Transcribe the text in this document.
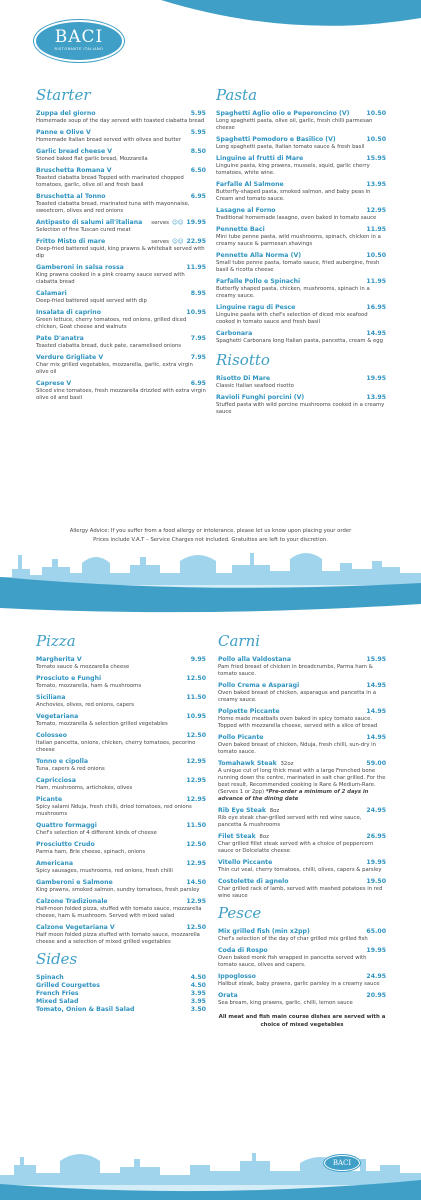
BACI
RISTORANTE ITALIANO
Starter
Zuppa del giorno	5.95
Homemade soup of the day served with toasted ciabatta bread
Panne e Olive V	5.95
Homemade Italian bread served with olives and butter
Garlic bread cheese V	8.50
Stoned baked flat garlic bread, Mozzarella
Bruschetta Romana V	6.50
Toasted ciabatta bread Topped with marinated chopped tomatoes, garlic, olive oil and fresh basil
Bruschetta al Tonno	6.95
Toasted ciabatta bread, marinated tuna with mayonnaise, sweetcorn, olives and red onions
Antipasto di salumi all'italiana serves ☺☺ 19.95
Selection of fine Tuscan cured meat
Fritto Misto di mare	serves ☺☺ 22.95
Deep-fried battered squid, king prawns & whitebait served with dip
Gamberoni in salsa rossa	11.95
King prawns cooked in a pink creamy sauce served with ciabatta bread
Calamari	8.95
Deep-fried battered squid served with dip
Insalata di caprino	10.95
Green lettuce, cherry tomatoes, red onions, grilled diced chicken, Goat cheese and walnuts
Pate D'anatra	7.95
Toasted ciabatta bread, duck pate, caramelised onions
Verdure Grigliate V	7.95
Char mix grilled vegetables, mozzarella, garlic, extra virgin olive oil
Caprese V	6.95
Sliced vine tomatoes, fresh mozzarella drizzled with extra virgin olive oil and basil
Pasta
Spaghetti Aglio olio e Peperoncino (V)	10.50
Long spaghetti pasta, olive oil, garlic, fresh chilli parmesan cheese
Spaghetti Pomodoro e Basilico (V)	10.50
Long spaghetti pasta, Italian tomato sauce & fresh basil
Linguine al frutti di Mare	15.95
Linguine pasta, king prawns, mussels, squid, garlic cherry tomatoes, white wine.
Farfalle Al Salmone	13.95
Butterfly-shaped pasta, smoked salmon, and baby peas in Cream and tomato sauce.
Lasagne al Forno	12.95
Traditional homemade lasagne, oven baked in tomato sauce
Pennette Baci	11.95
Mini tube penne pasta, wild mushrooms, spinach, chicken in a creamy sauce & parmesan shavings
Pennette Alla Norma (V)	10.50
Small tube penne pasta, tomato sauce, fried aubergine, fresh basil & ricotta cheese
Farfalle Pollo e Spinachi	11.95
Butterfly shaped pasta, chicken, mushrooms, spinach in a creamy sauce.
Linguine ragu di Pesce	16.95
Linguine pasta with chef's selection of diced mix seafood cooked in tomato sauce and fresh basil
Carbonara	14.95
Spaghetti Carbonara long Italian pasta, pancetta, cream & egg
Risotto
Risotto Di Mare	19.95
Classic Italian seafood risotto
Ravioli Funghi porcini (V)	13.95
Stuffed pasta with wild porcine mushrooms cooked in a creamy sauce
Allergy Advice: If you suffer from a food allergy or intolerance, please let us know upon placing your order
Prices include V.A.T – Service Charges not included. Gratuities are left to your discretion.
Pizza
Margherita V	9.95
Tomato sauce & mozzarella cheese
Prosciuto e Funghi	12.50
Tomato, mozzarella, ham & mushrooms
Siciliana	11.50
Anchovies, olives, red onions, capers
Vegetariana	10.95
Tomato, mozzarella & selection grilled vegetables
Colosseo	12.50
Italian pancetta, onions, chicken, cherry tomatoes, pecorino cheese
Tonno e cipolla	12.95
Tuna, capers & red onions
Capricciosa	12.95
Ham, mushrooms, artichokes, olives
Picante	12.95
Spicy salami Nduja, fresh chilli, dried tomatoes, red onions mushrooms
Quattro formaggi	11.50
Chef's selection of 4 different kinds of cheese
Prosciutto Crudo	12.50
Parma ham, Brie cheese, spinach, onions
Americana	12.95
Spicy sausages, mushrooms, red onions, fresh chilli
Gamberoni e Salmone	14.50
King prawns, smoked salmon, sundry tomatoes, fresh parsley
Calzone Tradizionale	12.95
Half-moon folded pizza, stuffed with tomato sauce, mozzarella cheese, ham & mushroom. Served with mixed salad
Calzone Vegetariana V	12.50
Half moon folded pizza stuffed with tomato sauce, mozzarella cheese and a selection of mixed grilled vegetables
Sides
Spinach	4.50
Grilled Courgettes	4.50
French Fries	3.95
Mixed Salad	3.95
Tomato, Onion & Basil Salad	3.50
Carni
Pollo alla Valdostana	15.95
Pam fried breast of chicken in breadcrumbs, Parma ham & tomato sauce.
Pollo Crema e Asparagi	14.95
Oven baked breast of chicken, asparagus and pancetta in a creamy sauce.
Polpette Piccante	14.95
Home made meatballs oven baked in spicy tomato sauce. Topped with mozzarella cheese, served with a slice of bread
Pollo Picante	14.95
Oven baked breast of chicken, Nduja, fresh chilli, sun-dry in tomato sauce.
Tomahawk Steak 32oz	59.00
A unique cut of long thick meat with a large Frenched bone running down the centre, marinated in salt char grilled. For the best result, Recommended cooking is Rare & Medium-Rare. (Serves 1 or 2pp) *Pre-order a minimum of 2 days in advance of the dining date
Rib Eye Steak 8oz	24.95
Rib eye steak char-grilled served with red wine sauce, pancetta & mushrooms
Filet Steak 8oz	26.95
Char grilled fillet steak served with a choice of peppercorn sauce or Dolcelatte cheese
Vitello Piccante	19.95
Thin cut veal, cherry tomatoes, chilli, olives, capers & parsley
Costolette di agnelo	19.50
Char grilled rack of lamb, served with mashed potatoes in red wine sauce
Pesce
Mix grilled fish (min x2pp)	65.00
Chef's selection of the day of char grilled mix grilled fish
Coda di Rospo	19.95
Oven baked monk fish wrapped in pancetta served with tomato sauce, olives and capers.
Ippoglosso	24.95
Halibut steak, baby prawns, garlic parsley in a creamy sauce
Orata	20.95
Sea bream, king prawns, garlic, chilli, lemon sauce
All meat and fish main course dishes are served with a choice of mixed vegetables
BACI
